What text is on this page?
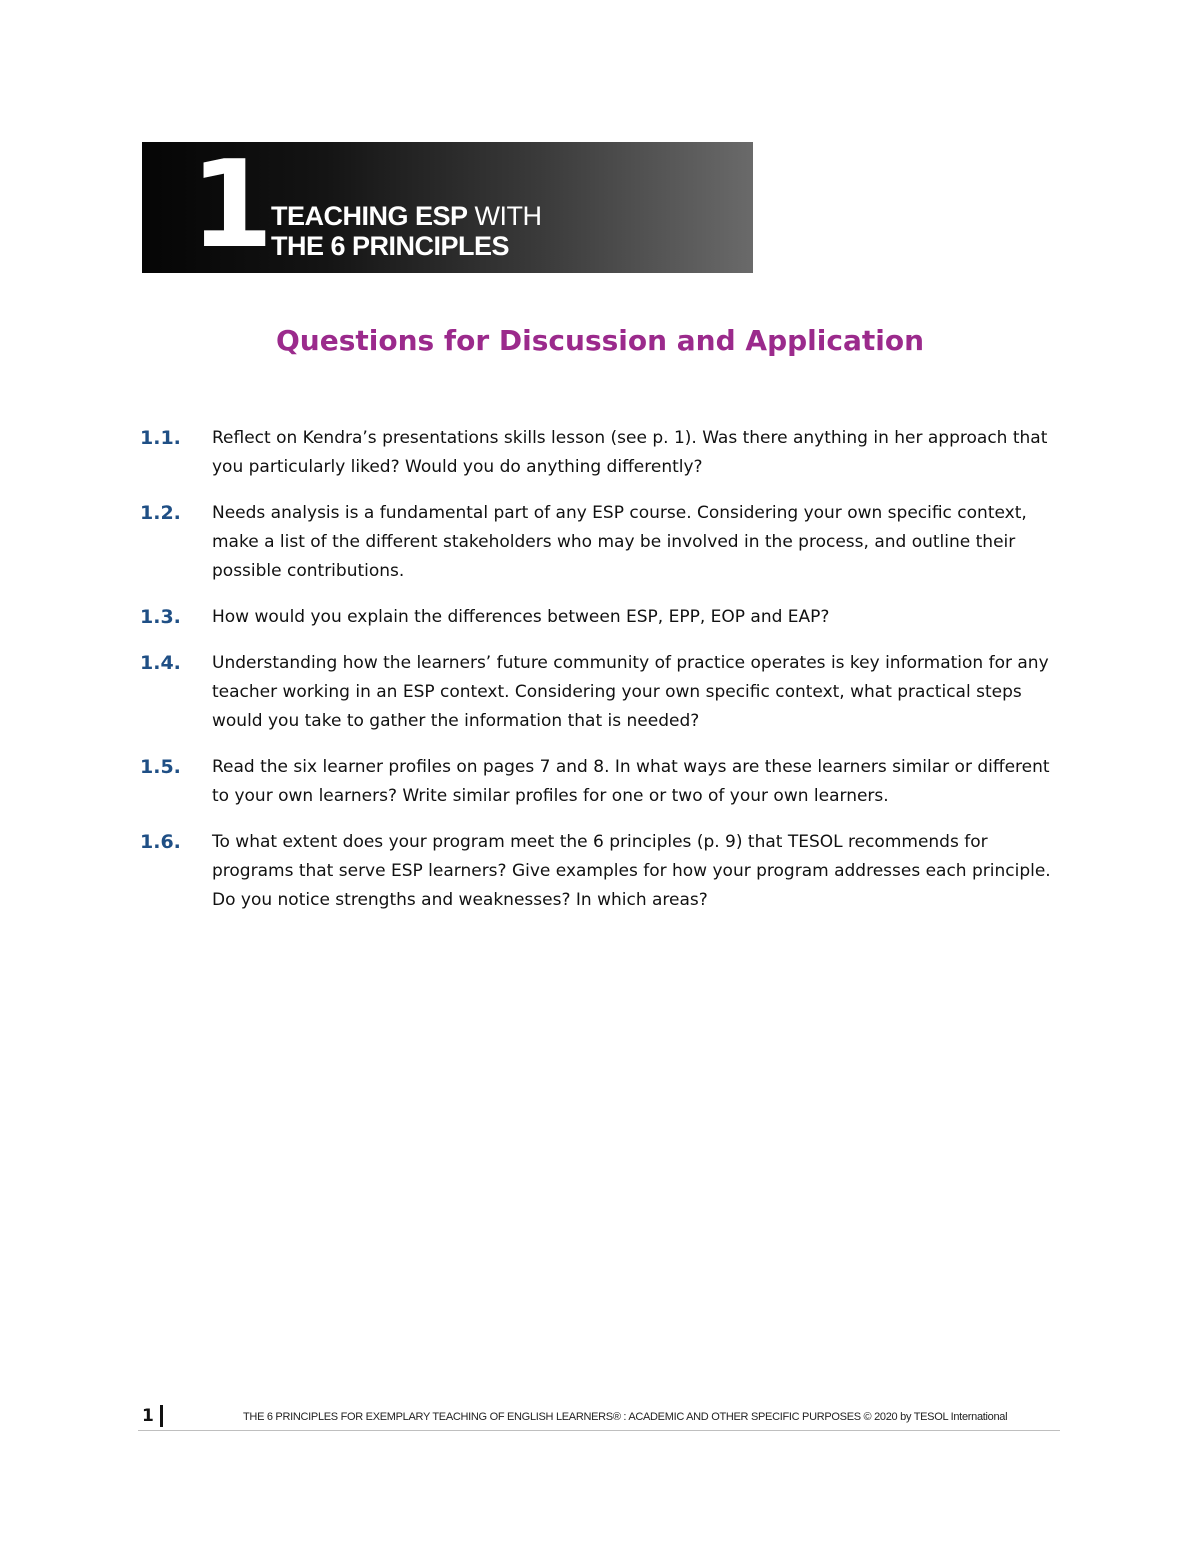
1 TEACHING ESP WITH
THE 6 PRINCIPLES
Questions for Discussion and Application
1.1. Reflect on Kendra’s presentations skills lesson (see p. 1). Was there anything in her approach that you particularly liked? Would you do anything differently?
1.2. Needs analysis is a fundamental part of any ESP course. Considering your own specific context, make a list of the different stakeholders who may be involved in the process, and outline their possible contributions.
1.3. How would you explain the differences between ESP, EPP, EOP and EAP?
1.4. Understanding how the learners’ future community of practice operates is key information for any teacher working in an ESP context. Considering your own specific context, what practical steps would you take to gather the information that is needed?
1.5. Read the six learner profiles on pages 7 and 8. In what ways are these learners similar or different to your own learners? Write similar profiles for one or two of your own learners.
1.6. To what extent does your program meet the 6 principles (p. 9) that TESOL recommends for programs that serve ESP learners? Give examples for how your program addresses each principle. Do you notice strengths and weaknesses? In which areas?
1	THE 6 PRINCIPLES FOR EXEMPLARY TEACHING OF ENGLISH LEARNERS® : ACADEMIC AND OTHER SPECIFIC PURPOSES © 2020 by TESOL International
